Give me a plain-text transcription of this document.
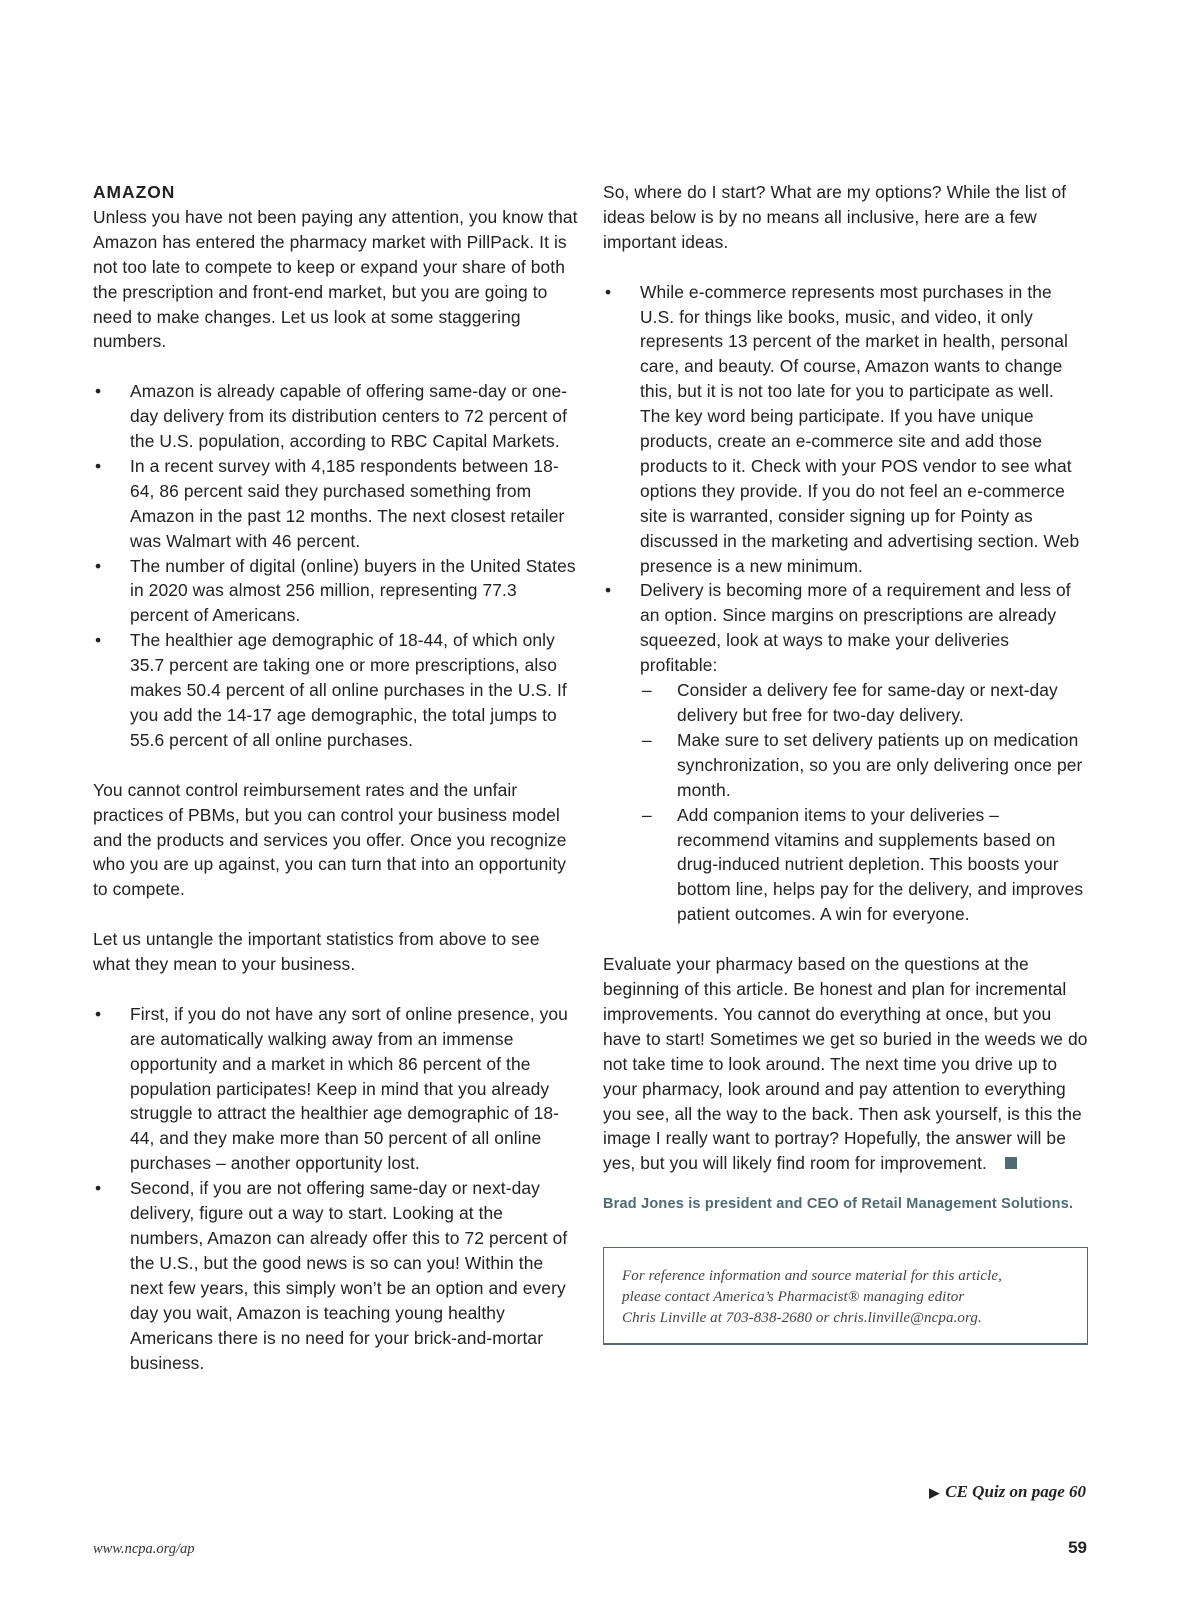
AMAZON

Unless you have not been paying any attention, you know that Amazon has entered the pharmacy market with PillPack. It is not too late to compete to keep or expand your share of both the prescription and front-end market, but you are going to need to make changes. Let us look at some staggering numbers.

• Amazon is already capable of offering same-day or one-day delivery from its distribution centers to 72 percent of the U.S. population, according to RBC Capital Markets.
• In a recent survey with 4,185 respondents between 18-64, 86 percent said they purchased something from Amazon in the past 12 months. The next closest retailer was Walmart with 46 percent.
• The number of digital (online) buyers in the United States in 2020 was almost 256 million, representing 77.3 percent of Americans.
• The healthier age demographic of 18-44, of which only 35.7 percent are taking one or more prescriptions, also makes 50.4 percent of all online purchases in the U.S. If you add the 14-17 age demographic, the total jumps to 55.6 percent of all online purchases.

You cannot control reimbursement rates and the unfair practices of PBMs, but you can control your business model and the products and services you offer. Once you recognize who you are up against, you can turn that into an opportunity to compete.

Let us untangle the important statistics from above to see what they mean to your business.

• First, if you do not have any sort of online presence, you are automatically walking away from an immense opportunity and a market in which 86 percent of the population participates! Keep in mind that you already struggle to attract the healthier age demographic of 18-44, and they make more than 50 percent of all online purchases – another opportunity lost.
• Second, if you are not offering same-day or next-day delivery, figure out a way to start. Looking at the numbers, Amazon can already offer this to 72 percent of the U.S., but the good news is so can you! Within the next few years, this simply won’t be an option and every day you wait, Amazon is teaching young healthy Americans there is no need for your brick-and-mortar business.

So, where do I start? What are my options? While the list of ideas below is by no means all inclusive, here are a few important ideas.

• While e-commerce represents most purchases in the U.S. for things like books, music, and video, it only represents 13 percent of the market in health, personal care, and beauty. Of course, Amazon wants to change this, but it is not too late for you to participate as well. The key word being participate. If you have unique products, create an e-commerce site and add those products to it. Check with your POS vendor to see what options they provide. If you do not feel an e-commerce site is warranted, consider signing up for Pointy as discussed in the marketing and advertising section. Web presence is a new minimum.
• Delivery is becoming more of a requirement and less of an option. Since margins on prescriptions are already squeezed, look at ways to make your deliveries profitable:
– Consider a delivery fee for same-day or next-day delivery but free for two-day delivery.
– Make sure to set delivery patients up on medication synchronization, so you are only delivering once per month.
– Add companion items to your deliveries – recommend vitamins and supplements based on drug-induced nutrient depletion. This boosts your bottom line, helps pay for the delivery, and improves patient outcomes. A win for everyone.

Evaluate your pharmacy based on the questions at the beginning of this article. Be honest and plan for incremental improvements. You cannot do everything at once, but you have to start! Sometimes we get so buried in the weeds we do not take time to look around. The next time you drive up to your pharmacy, look around and pay attention to everything you see, all the way to the back. Then ask yourself, is this the image I really want to portray? Hopefully, the answer will be yes, but you will likely find room for improvement.

Brad Jones is president and CEO of Retail Management Solutions.

For reference information and source material for this article,
please contact America’s Pharmacist® managing editor
Chris Linville at 703-838-2680 or chris.linville@ncpa.org.
▶ CE Quiz on page 60
www.ncpa.org/ap	59
